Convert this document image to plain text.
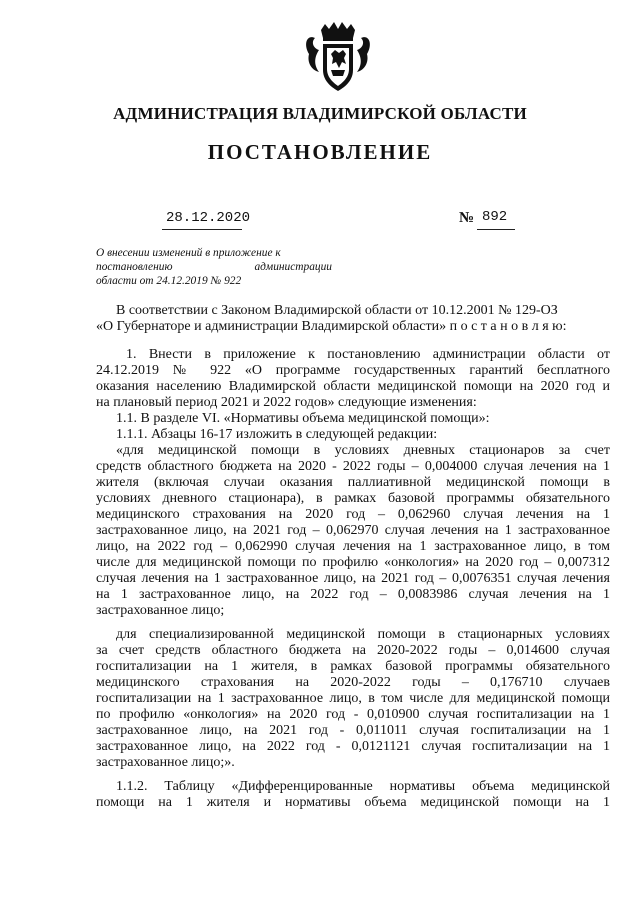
АДМИНИСТРАЦИЯ ВЛАДИМИРСКОЙ ОБЛАСТИ
ПОСТАНОВЛЕНИЕ
28.12.2020	№ 892
О внесении изменений в приложение к
постановлению администрации
области от 24.12.2019 № 922
В соответствии с Законом Владимирской области от 10.12.2001 № 129-ОЗ
«О Губернаторе и администрации Владимирской области» п о с т а н о в л я ю:
1. Внести в приложение к постановлению администрации области от
24.12.2019 № 922 «О программе государственных гарантий бесплатного
оказания населению Владимирской области медицинской помощи на 2020 год и
на плановый период 2021 и 2022 годов» следующие изменения:
1.1. В разделе VI. «Нормативы объема медицинской помощи»:
1.1.1. Абзацы 16-17 изложить в следующей редакции:
«для медицинской помощи в условиях дневных стационаров за счет
средств областного бюджета на 2020 - 2022 годы – 0,004000 случая лечения на 1
жителя (включая случаи оказания паллиативной медицинской помощи в
условиях дневного стационара), в рамках базовой программы обязательного
медицинского страхования на 2020 год – 0,062960 случая лечения на 1
застрахованное лицо, на 2021 год – 0,062970 случая лечения на 1 застрахованное
лицо, на 2022 год – 0,062990 случая лечения на 1 застрахованное лицо, в том
числе для медицинской помощи по профилю «онкология» на 2020 год – 0,007312
случая лечения на 1 застрахованное лицо, на 2021 год – 0,0076351 случая лечения
на 1 застрахованное лицо, на 2022 год – 0,0083986 случая лечения на 1
застрахованное лицо;
для специализированной медицинской помощи в стационарных условиях
за счет средств областного бюджета на 2020-2022 годы – 0,014600 случая
госпитализации на 1 жителя, в рамках базовой программы обязательного
медицинского страхования на 2020-2022 годы – 0,176710 случаев
госпитализации на 1 застрахованное лицо, в том числе для медицинской помощи
по профилю «онкология» на 2020 год - 0,010900 случая госпитализации на 1
застрахованное лицо, на 2021 год - 0,011011 случая госпитализации на 1
застрахованное лицо, на 2022 год - 0,0121121 случая госпитализации на 1
застрахованное лицо;».
1.1.2. Таблицу «Дифференцированные нормативы объема медицинской
помощи на 1 жителя и нормативы объема медицинской помощи на 1
